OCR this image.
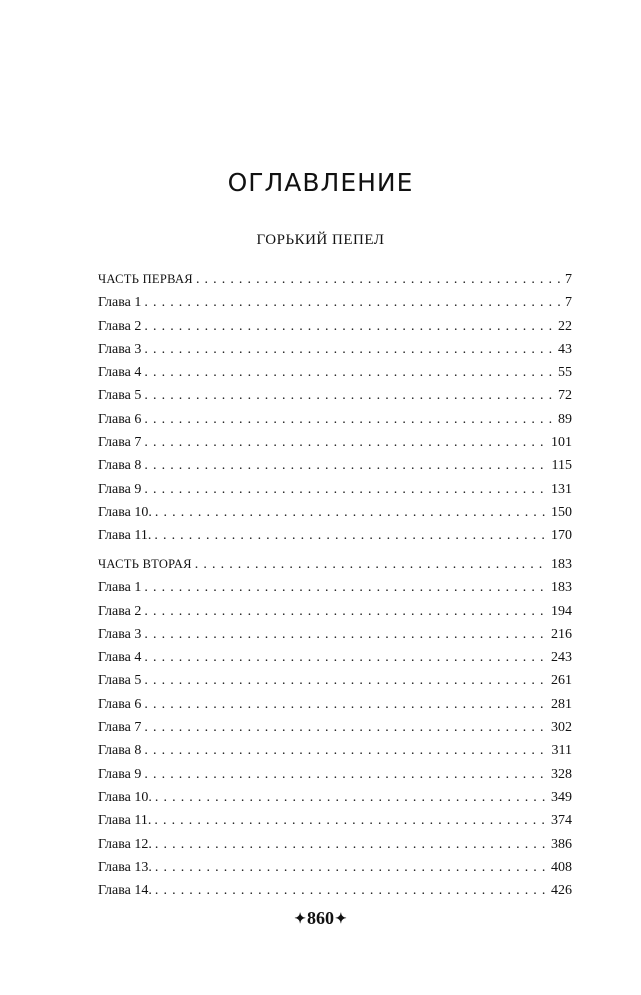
ОГЛАВЛЕНИЕ
ГОРЬКИЙ ПЕПЕЛ
ЧАСТЬ ПЕРВАЯ . . .	7
Глава 1 . . .	7
Глава 2 . . .	22
Глава 3 . . .	43
Глава 4 . . .	55
Глава 5 . . .	72
Глава 6 . . .	89
Глава 7 . . .	101
Глава 8 . . .	115
Глава 9 . . .	131
Глава 10. . . .	150
Глава 11. . . .	170
ЧАСТЬ ВТОРАЯ . . .	183
Глава 1 . . .	183
Глава 2 . . .	194
Глава 3 . . .	216
Глава 4 . . .	243
Глава 5 . . .	261
Глава 6 . . .	281
Глава 7 . . .	302
Глава 8 . . .	311
Глава 9 . . .	328
Глава 10. . . .	349
Глава 11. . . .	374
Глава 12. . . .	386
Глава 13. . . .	408
Глава 14. . . .	426
✦860✦
